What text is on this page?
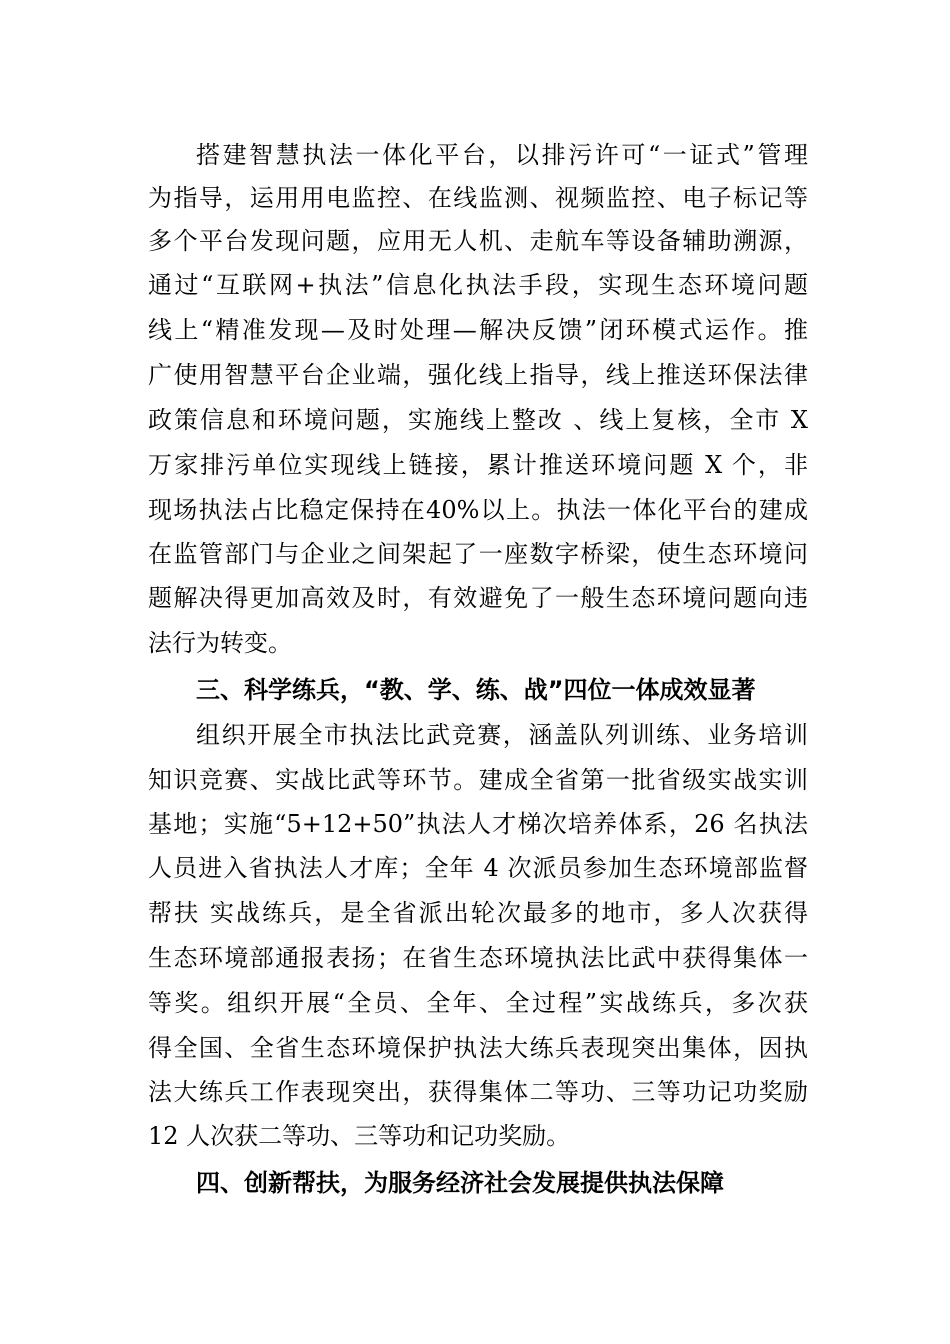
搭建智慧执法一体化平台，以排污许可“一证式”管理
为指导，运用用电监控、在线监测、视频监控、电子标记等
多个平台发现问题，应用无人机、走航车等设备辅助溯源，
通过“互联网+执法”信息化执法手段，实现生态环境问题
线上“精准发现—及时处理—解决反馈”闭环模式运作。推
广使用智慧平台企业端，强化线上指导，线上推送环保法律
政策信息和环境问题，实施线上整改 、线上复核，全市 X
万家排污单位实现线上链接，累计推送环境问题 X 个，非
现场执法占比稳定保持在40%以上。执法一体化平台的建成
在监管部门与企业之间架起了一座数字桥梁，使生态环境问
题解决得更加高效及时，有效避免了一般生态环境问题向违
法行为转变。
三、科学练兵，“教、学、练、战”四位一体成效显著
组织开展全市执法比武竞赛，涵盖队列训练、业务培训
知识竞赛、实战比武等环节。建成全省第一批省级实战实训
基地；实施“5+12+50”执法人才梯次培养体系，26 名执法
人员进入省执法人才库；全年 4 次派员参加生态环境部监督
帮扶 实战练兵，是全省派出轮次最多的地市，多人次获得
生态环境部通报表扬；在省生态环境执法比武中获得集体一
等奖。组织开展“全员、全年、全过程”实战练兵，多次获
得全国、全省生态环境保护执法大练兵表现突出集体，因执
法大练兵工作表现突出，获得集体二等功、三等功记功奖励
12 人次获二等功、三等功和记功奖励。
四、创新帮扶，为服务经济社会发展提供执法保障
